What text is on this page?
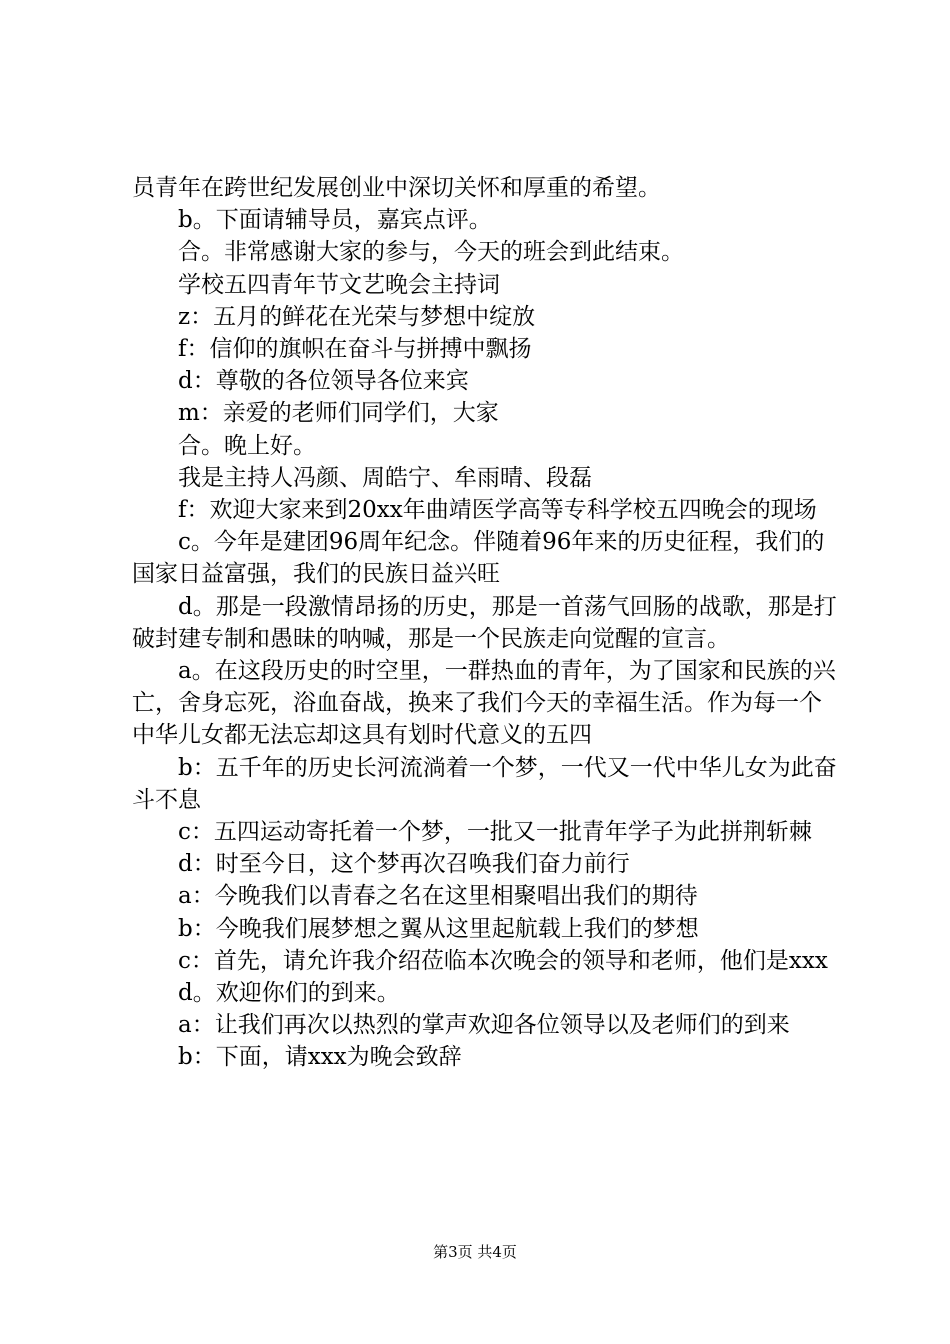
员青年在跨世纪发展创业中深切关怀和厚重的希望。

b。下面请辅导员，嘉宾点评。

合。非常感谢大家的参与，今天的班会到此结束。

学校五四青年节文艺晚会主持词

z：五月的鲜花在光荣与梦想中绽放

f：信仰的旗帜在奋斗与拼搏中飘扬

d：尊敬的各位领导各位来宾

m：亲爱的老师们同学们，大家

合。晚上好。

我是主持人冯颜、周皓宁、牟雨晴、段磊

f：欢迎大家来到20xx年曲靖医学高等专科学校五四晚会的现场

c。今年是建团96周年纪念。伴随着96年来的历史征程，我们的国家日益富强，我们的民族日益兴旺

d。那是一段激情昂扬的历史，那是一首荡气回肠的战歌，那是打破封建专制和愚昧的呐喊，那是一个民族走向觉醒的宣言。

a。在这段历史的时空里，一群热血的青年，为了国家和民族的兴亡，舍身忘死，浴血奋战，换来了我们今天的幸福生活。作为每一个中华儿女都无法忘却这具有划时代意义的五四

b：五千年的历史长河流淌着一个梦，一代又一代中华儿女为此奋斗不息

c：五四运动寄托着一个梦，一批又一批青年学子为此拼荆斩棘

d：时至今日，这个梦再次召唤我们奋力前行

a：今晚我们以青春之名在这里相聚唱出我们的期待

b：今晚我们展梦想之翼从这里起航载上我们的梦想

c：首先，请允许我介绍莅临本次晚会的领导和老师，他们是xxx

d。欢迎你们的到来。

a：让我们再次以热烈的掌声欢迎各位领导以及老师们的到来

b：下面，请xxx为晚会致辞

第3页 共4页
